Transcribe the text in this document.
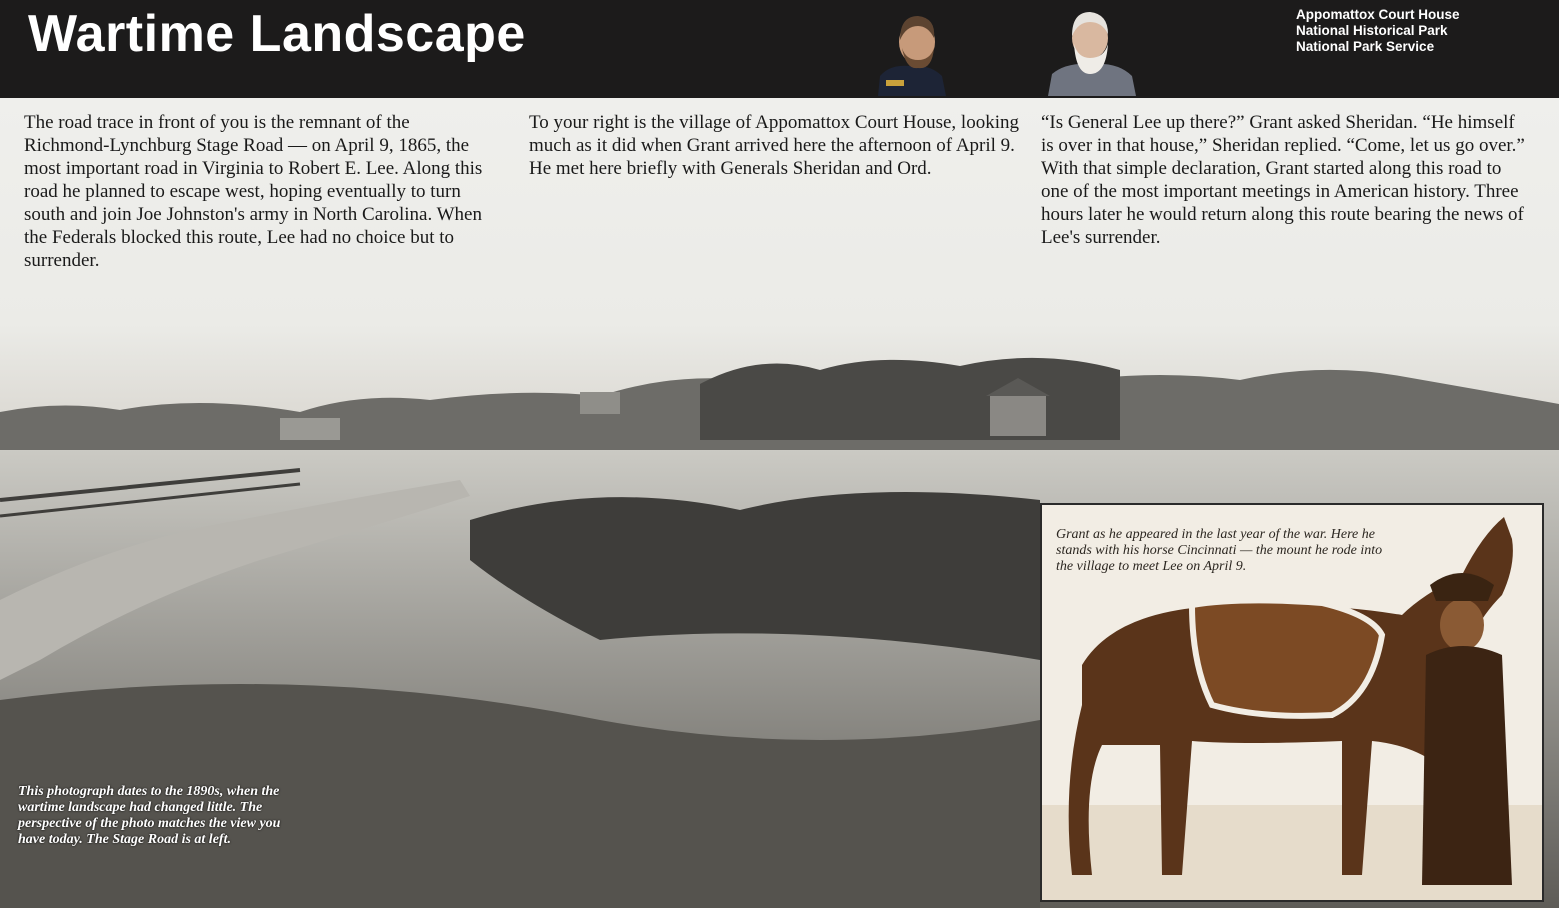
Wartime Landscape	Appomattox Court House
National Historical Park
National Park Service

The road trace in front of you is the remnant of the Richmond-Lynchburg Stage Road — on April 9, 1865, the most important road in Virginia to Robert E. Lee. Along this road he planned to escape west, hoping eventually to turn south and join Joe Johnston's army in North Carolina. When the Federals blocked this route, Lee had no choice but to surrender.

To your right is the village of Appomattox Court House, looking much as it did when Grant arrived here the afternoon of April 9. He met here briefly with Generals Sheridan and Ord.

“Is General Lee up there?” Grant asked Sheridan. “He himself is over in that house,” Sheridan replied. “Come, let us go over.” With that simple declaration, Grant started along this road to one of the most important meetings in American history. Three hours later he would return along this route bearing the news of Lee's surrender.

This photograph dates to the 1890s, when the wartime landscape had changed little. The perspective of the photo matches the view you have today. The Stage Road is at left.
Grant as he appeared in the last year of the war. Here he stands with his horse Cincinnati — the mount he rode into the village to meet Lee on April 9.
